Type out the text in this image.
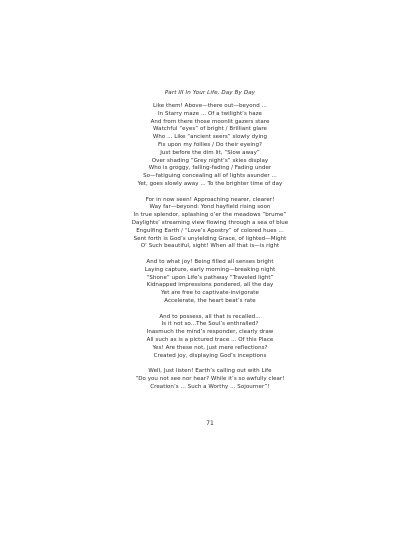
Part III In Your Life, Day By Day
Like them! Above—there out—beyond ...
In Starry maze ... Of a twilight’s haze
And from there those moonlit gazers stare
Watchful “eyes” of bright / Brilliant glare
Who ... Like “ancient seers” slowly dying
Fix upon my follies / Do their eyeing?
Just before the dim lit, “Slow away”
Over shading “Grey night’s” skies display
Who is groggy, falling-fading / Fading under
So—fatiguing concealing all of lights asunder ...
Yet, goes slowly away ... To the brighter time of day
For in now seen! Approaching nearer, clearer!
Way far—beyond: Yond hayfield rising soon
In true splendor, splashing o’er the meadows “brume”
Daylights’ streaming view flowing through a sea of blue
Engulfing Earth / “Love’s Apostry” of colored hues ...
Sent forth is God’s unyielding Grace, of lighted—Might
O’ Such beautiful, sight! When all that is—is right
And to what joy! Being filled all senses bright
Laying capture, early morning—breaking night
“Shone” upon Life’s pathway “Traveled light”
Kidnapped impressions pondered, all the day
Yet are free to captivate-invigorate
Accelerate, the heart beat’s rate
And to possess, all that is recalled...
Is it not so...The Soul’s enthralled?
Inasmuch the mind’s responder, clearly draw
All such as is a pictured trace ... Of this Place
Yes! Are these not, just mere reflections?
Created joy, displaying God’s inceptions
Well, Just listen! Earth’s calling out with Life
“Do you not see nor hear? While it’s so awfully clear!
Creation’s ... Such a Worthy ... Sojourner”!
71
